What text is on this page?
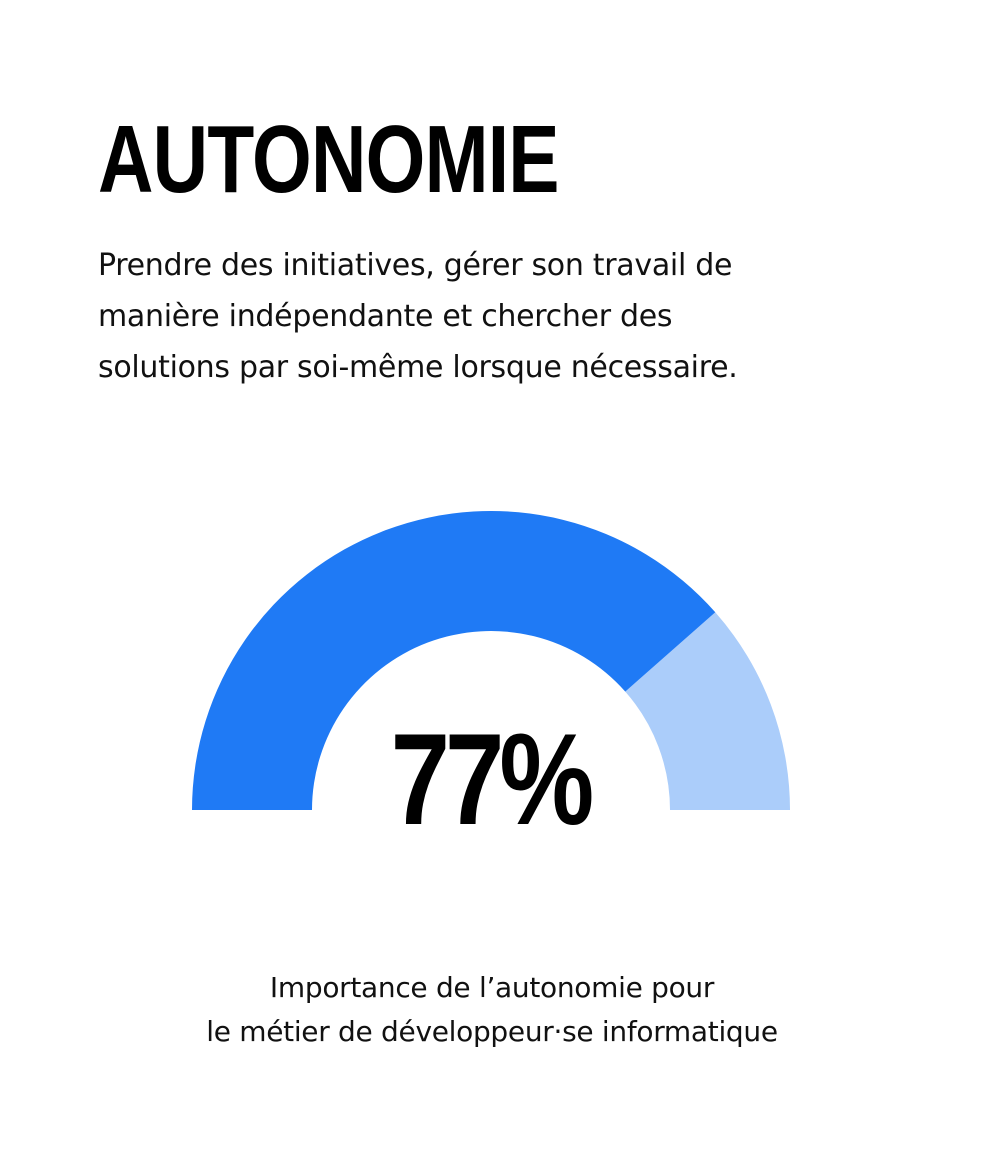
AUTONOMIE

Prendre des initiatives, gérer son travail de
manière indépendante et chercher des
solutions par soi-même lorsque nécessaire.

77%

Importance de l’autonomie pour
le métier de développeur·se informatique
